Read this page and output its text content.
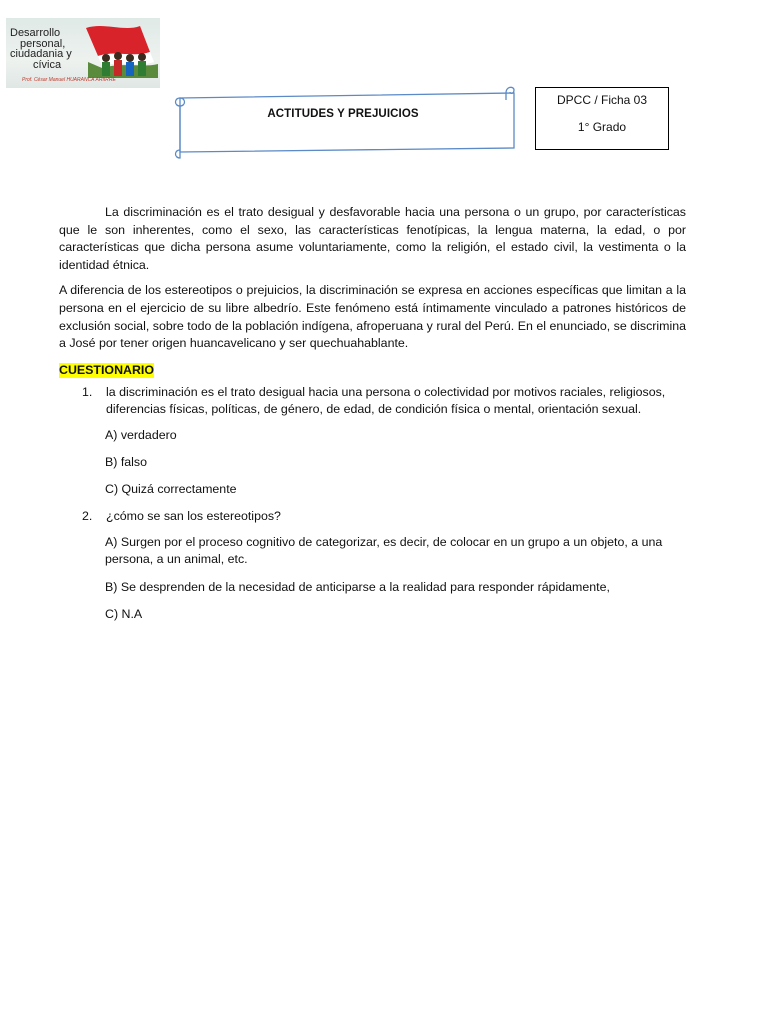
Desarrollo
personal,
ciudadania y
cívica
Prof. César Manuel HUARANCA ARIIRRE
ACTITUDES Y PREJUICIOS
DPCC / Ficha 03
1° Grado

La discriminación es el trato desigual y desfavorable hacia una persona o un grupo, por características que le son inherentes, como el sexo, las características fenotípicas, la lengua materna, la edad, o por características que dicha persona asume voluntariamente, como la religión, el estado civil, la vestimenta o la identidad étnica.

A diferencia de los estereotipos o prejuicios, la discriminación se expresa en acciones específicas que limitan a la persona en el ejercicio de su libre albedrío. Este fenómeno está íntimamente vinculado a patrones históricos de exclusión social, sobre todo de la población indígena, afroperuana y rural del Perú. En el enunciado, se discrimina a José por tener origen huancavelicano y ser quechuahablante.

CUESTIONARIO
1. la discriminación es el trato desigual hacia una persona o colectividad por motivos raciales, religiosos, diferencias físicas, políticas, de género, de edad, de condición física o mental, orientación sexual.
A) verdadero
B) falso
C) Quizá correctamente
2. ¿cómo se san los estereotipos?
A) Surgen por el proceso cognitivo de categorizar, es decir, de colocar en un grupo a un objeto, a una persona, a un animal, etc.
B) Se desprenden de la necesidad de anticiparse a la realidad para responder rápidamente,
C) N.A
